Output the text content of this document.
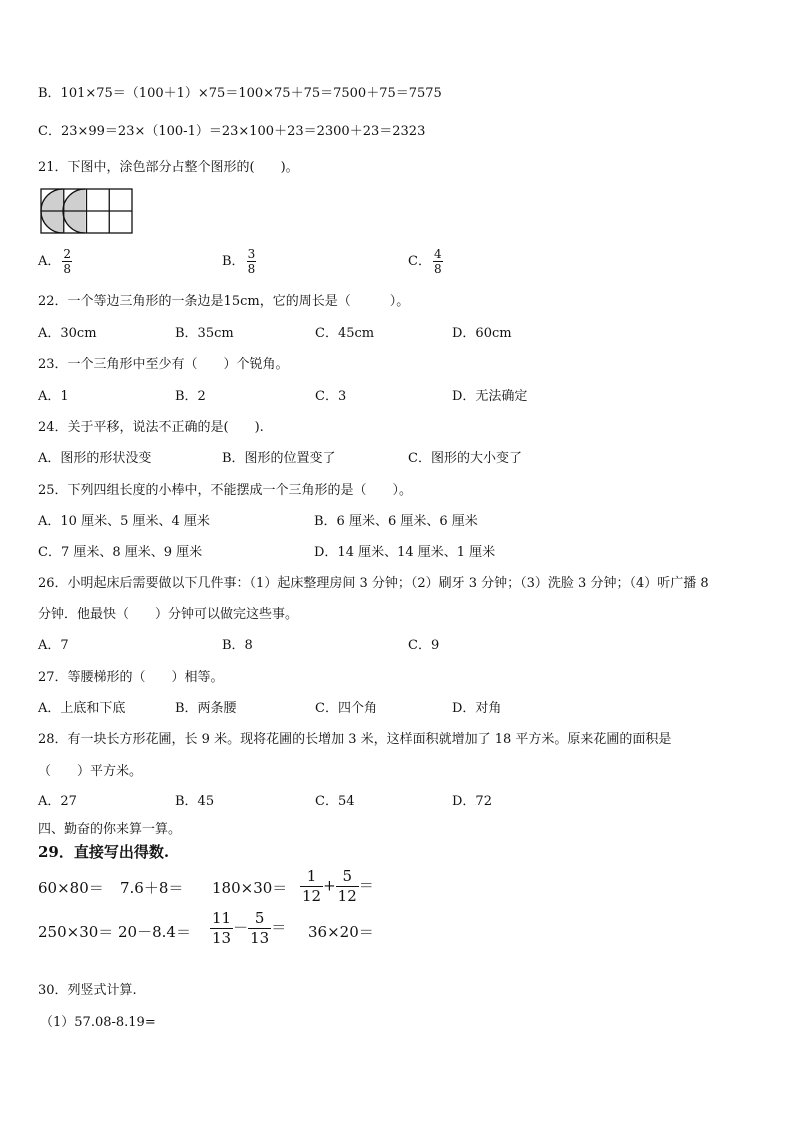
B．101×75＝（100＋1）×75＝100×75＋75＝7500＋75＝7575
C．23×99＝23×（100-1）＝23×100＋23＝2300＋23＝2323
21．下图中，涂色部分占整个图形的(　　)。
A． $\frac{2}{8}$	B． $\frac{3}{8}$	C． $\frac{4}{8}$
22．一个等边三角形的一条边是15cm，它的周长是（　　　）。
A．30cm	B．35cm	C．45cm	D．60cm
23．一个三角形中至少有（　　）个锐角。
A．1	B．2	C．3	D．无法确定
24．关于平移，说法不正确的是(　　).
A．图形的形状没变	B．图形的位置变了	C．图形的大小变了
25．下列四组长度的小棒中，不能摆成一个三角形的是（　　）。
A．10 厘米、5 厘米、4 厘米	B．6 厘米、6 厘米、6 厘米
C．7 厘米、8 厘米、9 厘米	D．14 厘米、14 厘米、1 厘米
26．小明起床后需要做以下几件事：（1）起床整理房间 3 分钟；（2）刷牙 3 分钟；（3）洗脸 3 分钟；（4）听广播 8
分钟．他最快（　　）分钟可以做完这些事。
A．7	B．8	C．9
27．等腰梯形的（　　）相等。
A．上底和下底	B．两条腰	C．四个角	D．对角
28．有一块长方形花圃，长 9 米。现将花圃的长增加 3 米，这样面积就增加了 18 平方米。原来花圃的面积是
（　　）平方米。
A．27	B．45	C．54	D．72
四、勤奋的你来算一算。
29．直接写出得数.
$60\times 80= 7.6+8= 180\times 30= \frac{1}{12} + \frac{5}{12}$ ＝
$250\times 30= 20-8.4= \frac{11}{13} - \frac{5}{13} = 36\times 20=$
30．列竖式计算.
（1）57.08-8.19=
